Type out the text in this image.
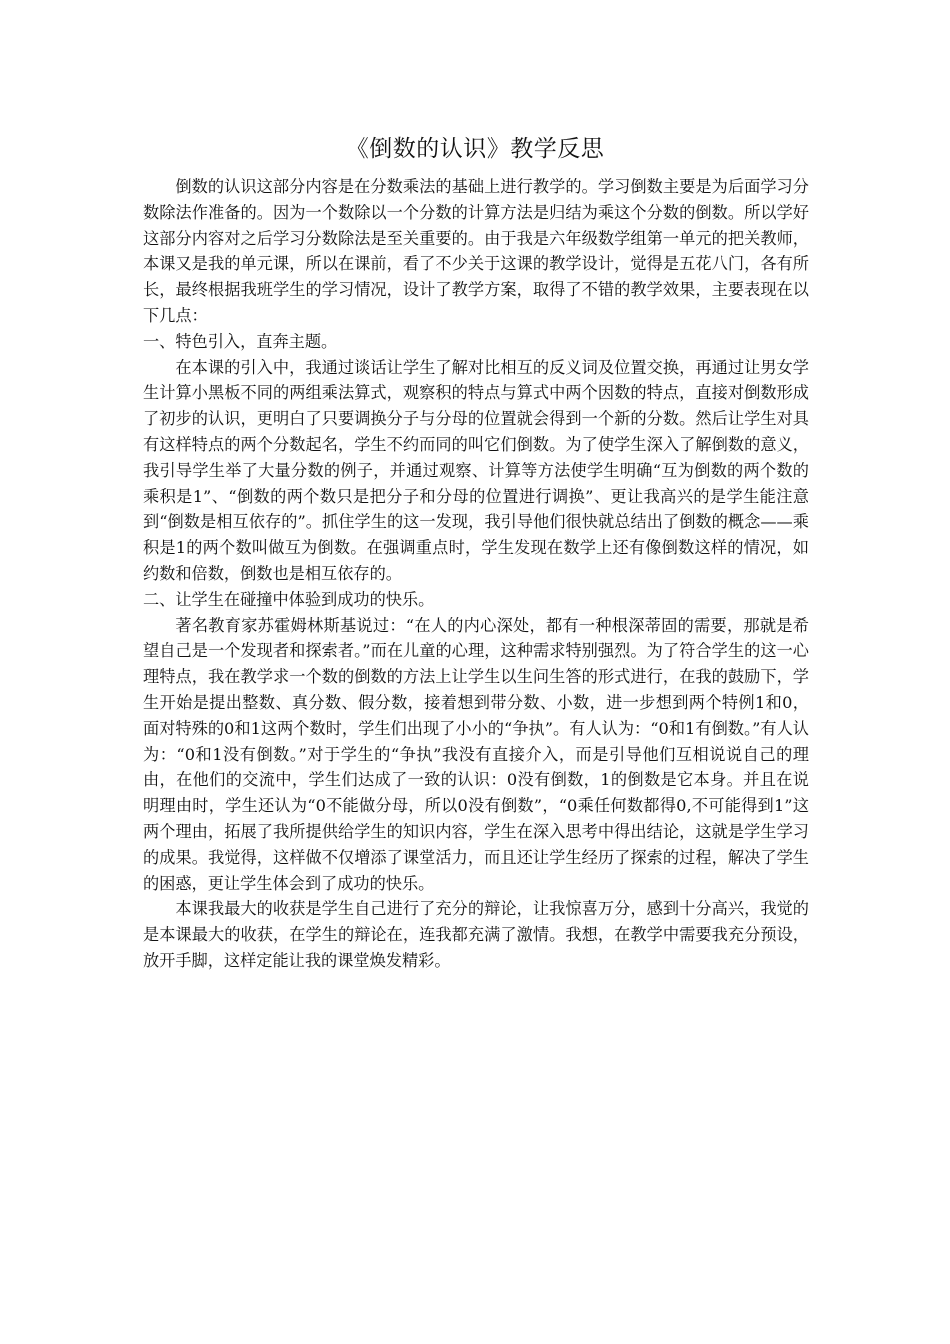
《倒数的认识》教学反思

倒数的认识这部分内容是在分数乘法的基础上进行教学的。学习倒数主要是为后面学习分数除法作准备的。因为一个数除以一个分数的计算方法是归结为乘这个分数的倒数。所以学好这部分内容对之后学习分数除法是至关重要的。由于我是六年级数学组第一单元的把关教师，本课又是我的单元课，所以在课前，看了不少关于这课的教学设计，觉得是五花八门，各有所长，最终根据我班学生的学习情况，设计了教学方案，取得了不错的教学效果，主要表现在以下几点：

一、特色引入，直奔主题。

在本课的引入中，我通过谈话让学生了解对比相互的反义词及位置交换，再通过让男女学生计算小黑板不同的两组乘法算式，观察积的特点与算式中两个因数的特点，直接对倒数形成了初步的认识，更明白了只要调换分子与分母的位置就会得到一个新的分数。然后让学生对具有这样特点的两个分数起名，学生不约而同的叫它们倒数。为了使学生深入了解倒数的意义，我引导学生举了大量分数的例子，并通过观察、计算等方法使学生明确“互为倒数的两个数的乘积是1”、“倒数的两个数只是把分子和分母的位置进行调换”、更让我高兴的是学生能注意到“倒数是相互依存的”。抓住学生的这一发现，我引导他们很快就总结出了倒数的概念——乘积是1的两个数叫做互为倒数。在强调重点时，学生发现在数学上还有像倒数这样的情况，如约数和倍数，倒数也是相互依存的。

二、让学生在碰撞中体验到成功的快乐。

著名教育家苏霍姆林斯基说过：“在人的内心深处，都有一种根深蒂固的需要，那就是希望自己是一个发现者和探索者。”而在儿童的心理，这种需求特别强烈。为了符合学生的这一心理特点，我在教学求一个数的倒数的方法上让学生以生问生答的形式进行，在我的鼓励下，学生开始是提出整数、真分数、假分数，接着想到带分数、小数，进一步想到两个特例1和0， 面对特殊的0和1这两个数时，学生们出现了小小的“争执”。有人认为：“0和1有倒数。”有人认为：“0和1没有倒数。”对于学生的“争执”我没有直接介入，而是引导他们互相说说自己的理由，在他们的交流中，学生们达成了一致的认识：0没有倒数，1的倒数是它本身。并且在说明理由时，学生还认为“0不能做分母，所以0没有倒数”，“0乘任何数都得0,不可能得到1”这两个理由，拓展了我所提供给学生的知识内容，学生在深入思考中得出结论，这就是学生学习的成果。我觉得，这样做不仅增添了课堂活力，而且还让学生经历了探索的过程，解决了学生的困惑，更让学生体会到了成功的快乐。

本课我最大的收获是学生自己进行了充分的辩论，让我惊喜万分，感到十分高兴，我觉的是本课最大的收获，在学生的辩论在，连我都充满了激情。我想，在教学中需要我充分预设，放开手脚，这样定能让我的课堂焕发精彩。
